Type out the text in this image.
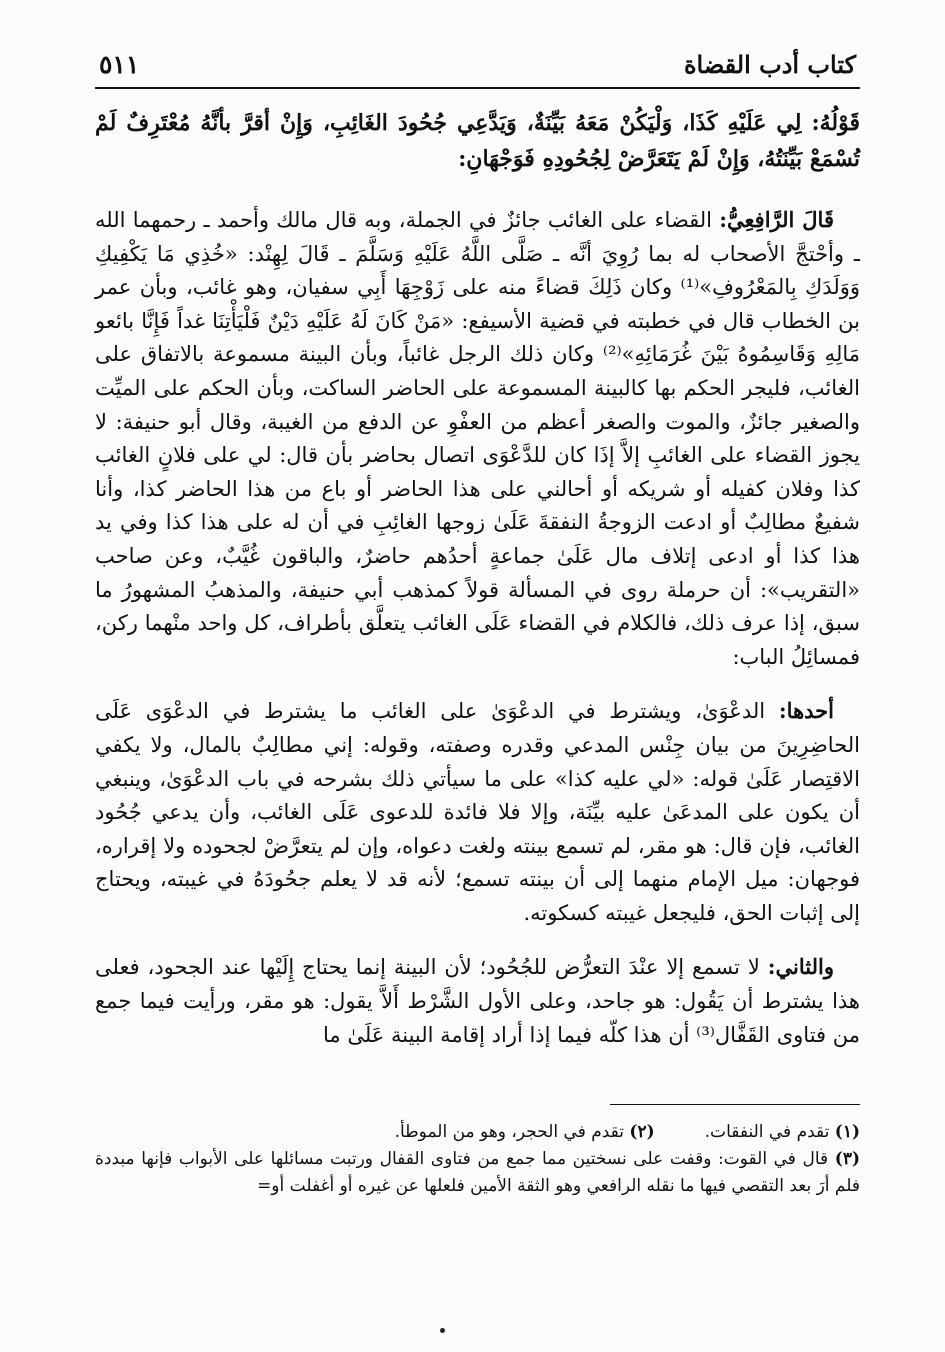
كتاب أدب القضاة
٥١١

قَوْلُهُ: لِي عَلَيْهِ كَذَا، وَلْيَكُنْ مَعَهُ بَيِّنَةٌ، وَيَدَّعِي جُحُودَ الغَائِبِ، وَإِنْ أقرَّ بأنَّهُ مُعْتَرِفٌ لَمْ تُسْمَعْ بَيِّنَتُهُ، وَإِنْ لَمْ يَتَعَرَّضْ لِجُحُودِهِ فَوَجْهَانِ:

قَالَ الرَّافِعِيُّ: القضاء على الغائب جائزٌ في الجملة، وبه قال مالك وأحمد ـ رحمهما الله ـ وأحْتجَّ الأصحاب له بما رُوِيَ أنَّه ـ صَلَّى اللَّهُ عَلَيْهِ وَسَلَّمَ ـ قَالَ لِهِنْد: «خُذِي مَا يَكْفِيكِ وَوَلَدَكِ بِالمَعْرُوفِ»⁽¹⁾ وكان ذَلِكَ قضاءً منه على زَوْجِهَا أَبِي سفيان، وهو غائب، وبأن عمر بن الخطاب قال في خطبته في قضية الأسيفع: «مَنْ كَانَ لَهُ عَلَيْهِ دَيْنٌ فَلْيَأْتِنَا غداً فَإِنَّا بائعو مَالِهِ وَقَاسِمُوهُ بَيْنَ غُرَمَائِهِ»⁽²⁾ وكان ذلك الرجل غائباً، وبأن البينة مسموعة بالاتفاق على الغائب، فليجر الحكم بها كالبينة المسموعة على الحاضر الساكت، وبأن الحكم على الميِّت والصغير جائزٌ، والموت والصغر أعظم من العفْوِ عن الدفع من الغيبة، وقال أبو حنيفة: لا يجوز القضاء على الغائبِ إلاَّ إذَا كان للدَّعْوَى اتصال بحاضر بأن قال: لي على فلانٍ الغائب كذا وفلان كفيله أو شريكه أو أحالني على هذا الحاضر أو باع من هذا الحاضر كذا، وأنا شفيعٌ مطالِبٌ أو ادعت الزوجةُ النفقةَ عَلَىٰ زوجها الغائِبِ في أن له على هذا كذا وفي يد هذا كذا أو ادعى إتلاف مال عَلَىٰ جماعةٍ أحدُهم حاضرٌ، والباقون غُيَّبٌ، وعن صاحب «التقريب»: أن حرملة روى في المسألة قولاً كمذهب أبي حنيفة، والمذهبُ المشهورُ ما سبق، إذا عرف ذلك، فالكلام في القضاء عَلَى الغائب يتعلَّق بأطراف، كل واحد منْهما ركن، فمسائِلُ الباب:

أحدها: الدعْوَىٰ، ويشترط في الدعْوَىٰ على الغائب ما يشترط في الدعْوَى عَلَى الحاضِرِينَ من بيان جِنْس المدعي وقدره وصفته، وقوله: إني مطالِبٌ بالمال، ولا يكفي الاقتِصار عَلَىٰ قوله: «لي عليه كذا» على ما سيأتي ذلك بشرحه في باب الدعْوَىٰ، وينبغي أن يكون على المدعَىٰ عليه بيِّنَة، وإلا فلا فائدة للدعوى عَلَى الغائب، وأن يدعي جُحُود الغائب، فإن قال: هو مقر، لم تسمع بينته ولغت دعواه، وإن لم يتعرَّضْ لجحوده ولا إقراره، فوجهان: ميل الإمام منهما إلى أن بينته تسمع؛ لأنه قد لا يعلم جحُودَهُ في غيبته، ويحتاج إلى إثبات الحق، فليجعل غيبته كسكوته.

والثاني: لا تسمع إلا عنْدَ التعرُّض للجُحُود؛ لأن البينة إنما يحتاج إِلَيْها عند الجحود، فعلى هذا يشترط أن يَقُول: هو جاحد، وعلى الأول الشَّرْط أَلاَّ يقول: هو مقر، ورأيت فيما جمع من فتاوى القَفَّال⁽³⁾ أن هذا كلّه فيما إذا أراد إقامة البينة عَلَىٰ ما

(١) تقدم في النفقات.
(٢) تقدم في الحجر، وهو من الموطأ.
(٣) قال في القوت: وقفت على نسختين مما جمع من فتاوى القفال ورتبت مسائلها على الأبواب فإنها مبددة فلم أرَ بعد التقصي فيها ما نقله الرافعي وهو الثقة الأمين فلعلها عن غيره أو أغفلت أو=
